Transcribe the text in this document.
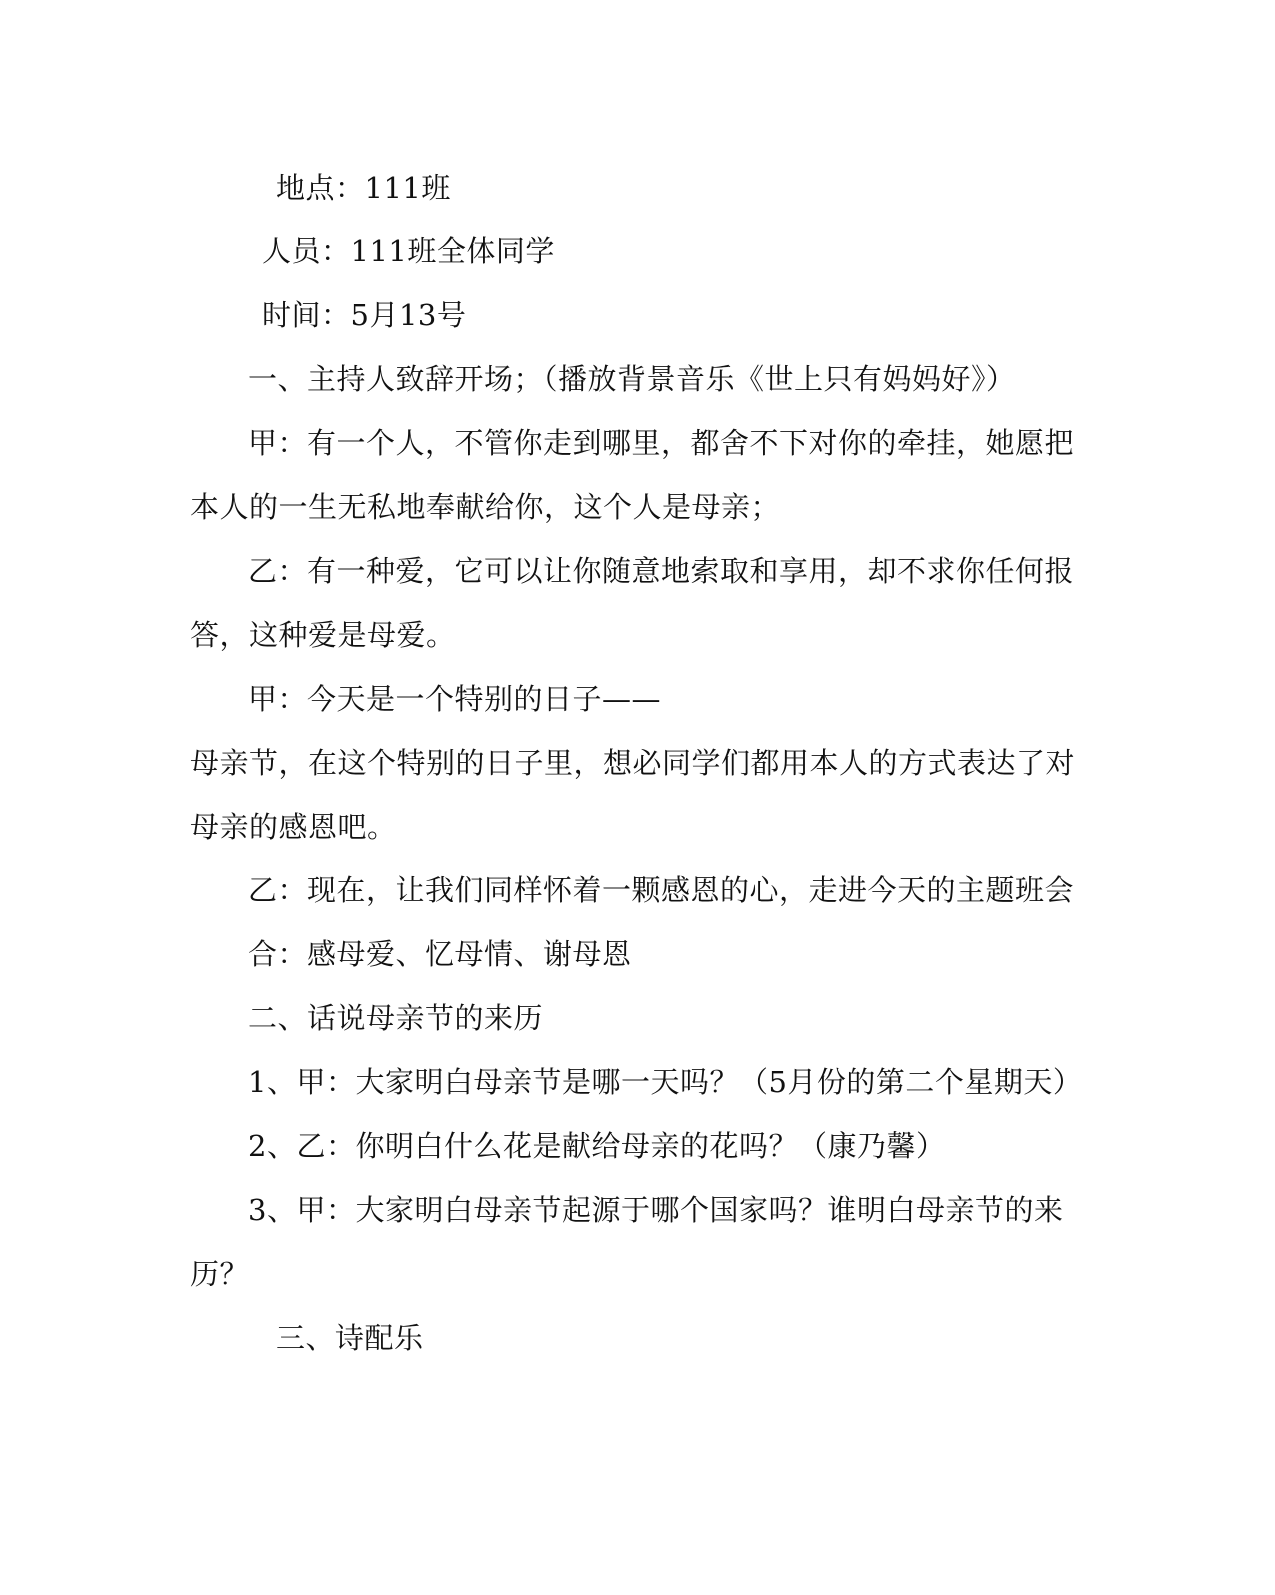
地点：111班
人员：111班全体同学
时间：5月13号
一、主持人致辞开场；（播放背景音乐《世上只有妈妈好》）
甲：有一个人，不管你走到哪里，都舍不下对你的牵挂，她愿把
本人的一生无私地奉献给你，这个人是母亲；
乙：有一种爱，它可以让你随意地索取和享用，却不求你任何报
答，这种爱是母爱。
甲：今天是一个特别的日子——
母亲节，在这个特别的日子里，想必同学们都用本人的方式表达了对
母亲的感恩吧。
乙：现在，让我们同样怀着一颗感恩的心，走进今天的主题班会
合：感母爱、忆母情、谢母恩
二、话说母亲节的来历
1、甲：大家明白母亲节是哪一天吗？（5月份的第二个星期天）
2、乙：你明白什么花是献给母亲的花吗？（康乃馨）
3、甲：大家明白母亲节起源于哪个国家吗？谁明白母亲节的来
历？
三、诗配乐
